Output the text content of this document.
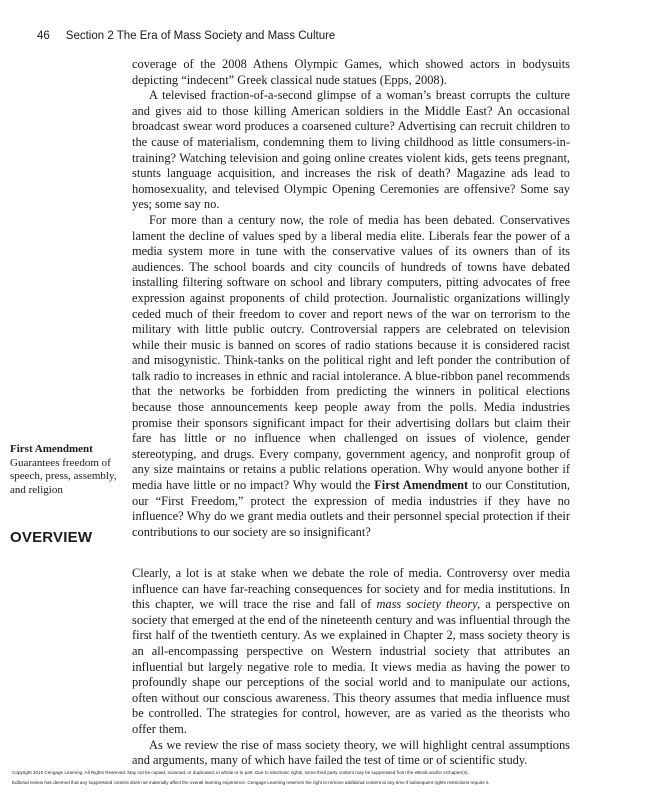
46 Section 2 The Era of Mass Society and Mass Culture

coverage of the 2008 Athens Olympic Games, which showed actors in bodysuits depicting “indecent” Greek classical nude statues (Epps, 2008).

A televised fraction-of-a-second glimpse of a woman’s breast corrupts the culture and gives aid to those killing American soldiers in the Middle East? An occasional broadcast swear word produces a coarsened culture? Advertising can recruit children to the cause of materialism, condemning them to living childhood as little consumers-in-training? Watching television and going online creates violent kids, gets teens pregnant, stunts language acquisition, and increases the risk of death? Magazine ads lead to homosexuality, and televised Olympic Opening Ceremonies are offensive? Some say yes; some say no.

For more than a century now, the role of media has been debated. Conservatives lament the decline of values sped by a liberal media elite. Liberals fear the power of a media system more in tune with the conservative values of its owners than of its audiences. The school boards and city councils of hundreds of towns have debated installing filtering software on school and library computers, pitting advocates of free expression against proponents of child protection. Journalistic organizations willingly ceded much of their freedom to cover and report news of the war on terrorism to the military with little public outcry. Controversial rappers are celebrated on television while their music is banned on scores of radio stations because it is considered racist and misogynistic. Think-tanks on the political right and left ponder the contribution of talk radio to increases in ethnic and racial intolerance. A blue-ribbon panel recommends that the networks be forbidden from predicting the winners in political elections because those announcements keep people away from the polls. Media industries promise their sponsors significant impact for their advertising dollars but claim their fare has little or no influence when challenged on issues of violence, gender stereotyping, and drugs. Every company, government agency, and nonprofit group of any size maintains or retains a public relations operation. Why would anyone bother if media have little or no impact? Why would the First Amendment to our Constitution, our “First Freedom,” protect the expression of media industries if they have no influence? Why do we grant media outlets and their personnel special protection if their contributions to our society are so insignificant?

First Amendment
Guarantees freedom of speech, press, assembly, and religion
OVERVIEW

Clearly, a lot is at stake when we debate the role of media. Controversy over media influence can have far-reaching consequences for society and for media institutions. In this chapter, we will trace the rise and fall of mass society theory, a perspective on society that emerged at the end of the nineteenth century and was influential through the first half of the twentieth century. As we explained in Chapter 2, mass society theory is an all-encompassing perspective on Western industrial society that attributes an influential but largely negative role to media. It views media as having the power to profoundly shape our perceptions of the social world and to manipulate our actions, often without our conscious awareness. This theory assumes that media influence must be controlled. The strategies for control, however, are as varied as the theorists who offer them.

As we review the rise of mass society theory, we will highlight central assumptions and arguments, many of which have failed the test of time or of scientific study.

Copyright 2010 Cengage Learning. All Rights Reserved. May not be copied, scanned, or duplicated, in whole or in part. Due to electronic rights, some third party content may be suppressed from the eBook and/or eChapter(s).
Editorial review has deemed that any suppressed content does not materially affect the overall learning experience. Cengage Learning reserves the right to remove additional content at any time if subsequent rights restrictions require it.
